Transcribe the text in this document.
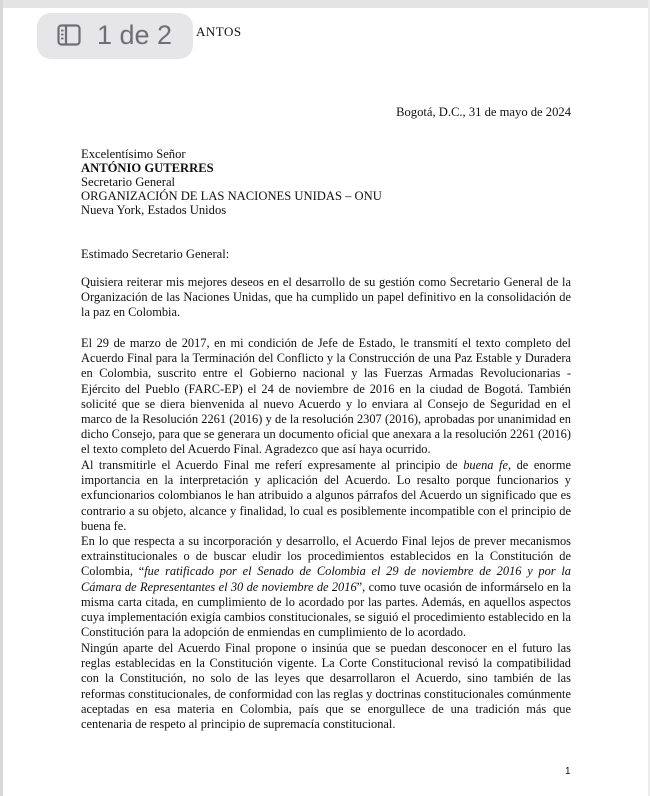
ANTOS
1 de 2
Bogotá, D.C., 31 de mayo de 2024
Excelentísimo Señor
ANTÓNIO GUTERRES
Secretario General
ORGANIZACIÓN DE LAS NACIONES UNIDAS – ONU
Nueva York, Estados Unidos
Estimado Secretario General:

Quisiera reiterar mis mejores deseos en el desarrollo de su gestión como Secretario General de la Organización de las Naciones Unidas, que ha cumplido un papel definitivo en la consolidación de la paz en Colombia.

El 29 de marzo de 2017, en mi condición de Jefe de Estado, le transmití el texto completo del Acuerdo Final para la Terminación del Conflicto y la Construcción de una Paz Estable y Duradera en Colombia, suscrito entre el Gobierno nacional y las Fuerzas Armadas Revolucionarias - Ejército del Pueblo (FARC-EP) el 24 de noviembre de 2016 en la ciudad de Bogotá. También solicité que se diera bienvenida al nuevo Acuerdo y lo enviara al Consejo de Seguridad en el marco de la Resolución 2261 (2016) y de la resolución 2307 (2016), aprobadas por unanimidad en dicho Consejo, para que se generara un documento oficial que anexara a la resolución 2261 (2016) el texto completo del Acuerdo Final. Agradezco que así haya ocurrido.

Al transmitirle el Acuerdo Final me referí expresamente al principio de buena fe, de enorme importancia en la interpretación y aplicación del Acuerdo. Lo resalto porque funcionarios y exfuncionarios colombianos le han atribuido a algunos párrafos del Acuerdo un significado que es contrario a su objeto, alcance y finalidad, lo cual es posiblemente incompatible con el principio de buena fe.

En lo que respecta a su incorporación y desarrollo, el Acuerdo Final lejos de prever mecanismos extrainstitucionales o de buscar eludir los procedimientos establecidos en la Constitución de Colombia, “fue ratificado por el Senado de Colombia el 29 de noviembre de 2016 y por la Cámara de Representantes el 30 de noviembre de 2016”, como tuve ocasión de informárselo en la misma carta citada, en cumplimiento de lo acordado por las partes. Además, en aquellos aspectos cuya implementación exigía cambios constitucionales, se siguió el procedimiento establecido en la Constitución para la adopción de enmiendas en cumplimiento de lo acordado.

Ningún aparte del Acuerdo Final propone o insinúa que se puedan desconocer en el futuro las reglas establecidas en la Constitución vigente. La Corte Constitucional revisó la compatibilidad con la Constitución, no solo de las leyes que desarrollaron el Acuerdo, sino también de las reformas constitucionales, de conformidad con las reglas y doctrinas constitucionales comúnmente aceptadas en esa materia en Colombia, país que se enorgullece de una tradición más que centenaria de respeto al principio de supremacía constitucional.

1
